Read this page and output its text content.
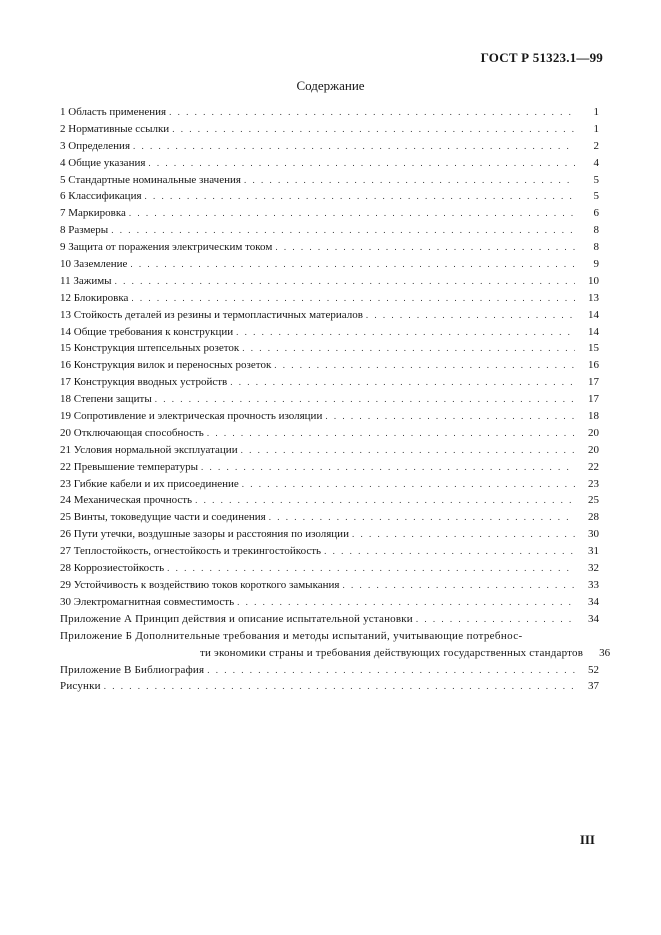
ГОСТ Р 51323.1—99
Содержание
1 Область применения . . .	1
2 Нормативные ссылки . . .	1
3 Определения . . .	2
4 Общие указания . . .	4
5 Стандартные номинальные значения . . .	5
6 Классификация . . .	5
7 Маркировка . . .	6
8 Размеры . . .	8
9 Защита от поражения электрическим током . . .	8
10 Заземление . . .	9
11 Зажимы . . .	10
12 Блокировка . . .	13
13 Стойкость деталей из резины и термопластичных материалов . . .	14
14 Общие требования к конструкции . . .	14
15 Конструкция штепсельных розеток . . .	15
16 Конструкция вилок и переносных розеток . . .	16
17 Конструкция вводных устройств . . .	17
18 Степени защиты . . .	17
19 Сопротивление и электрическая прочность изоляции . . .	18
20 Отключающая способность . . .	20
21 Условия нормальной эксплуатации . . .	20
22 Превышение температуры . . .	22
23 Гибкие кабели и их присоединение . . .	23
24 Механическая прочность . . .	25
25 Винты, токоведущие части и соединения . . .	28
26 Пути утечки, воздушные зазоры и расстояния по изоляции . . .	30
27 Теплостойкость, огнестойкость и трекингостойкость . . .	31
28 Коррозиестойкость . . .	32
29 Устойчивость к воздействию токов короткого замыкания . . .	33
30 Электромагнитная совместимость . . .	34
Приложение А Принцип действия и описание испытательной установки . . .	34
Приложение Б Дополнительные требования и методы испытаний, учитывающие потребнос-
ти экономики страны и требования действующих государственных стандартов	36
Приложение В Библиография . . .	52
Рисунки . . .	37
III
